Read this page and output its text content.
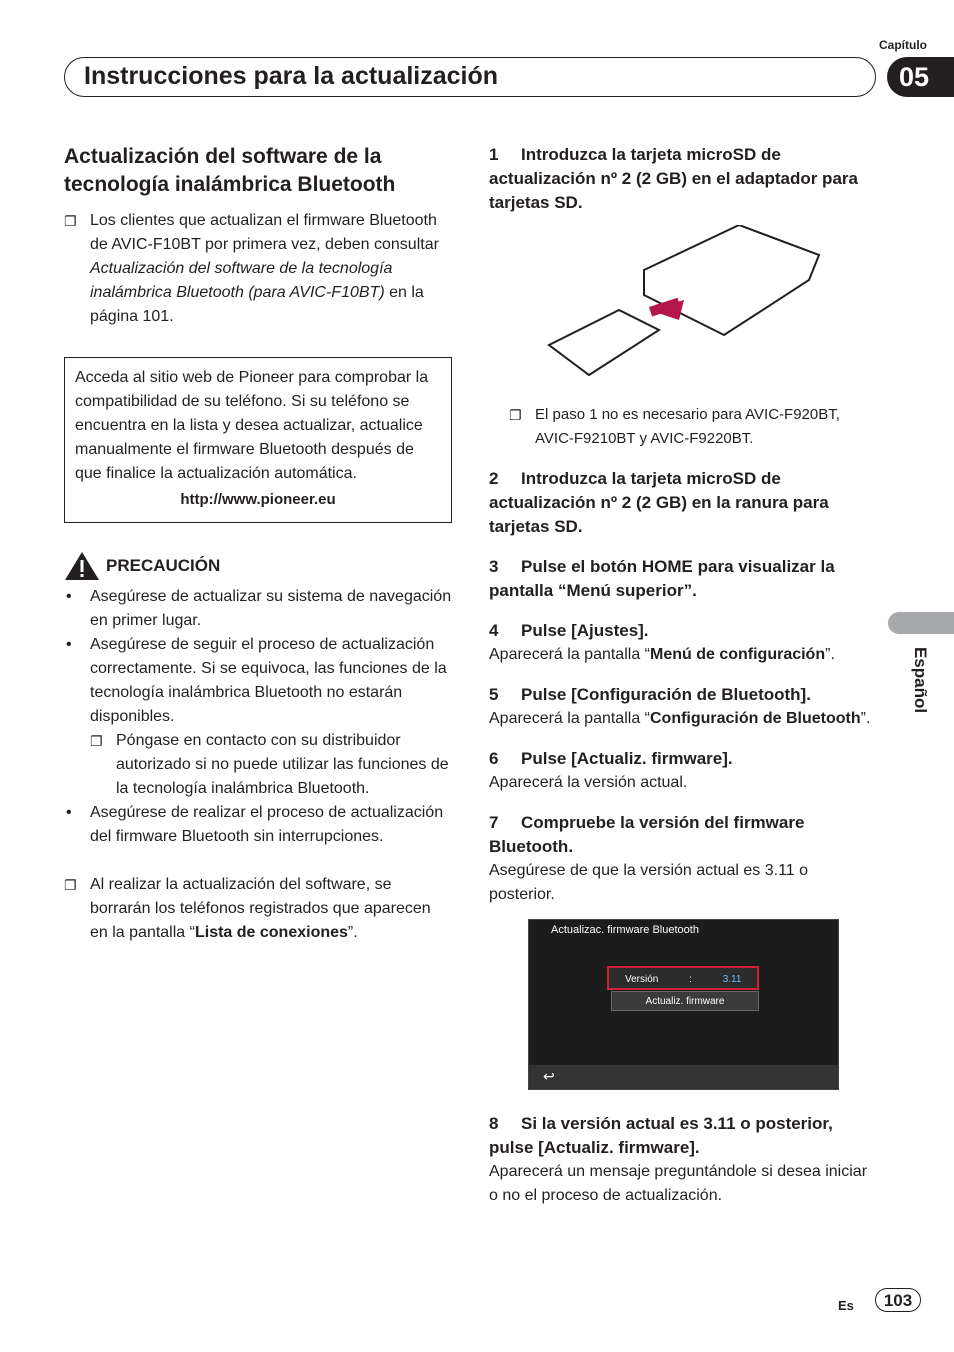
Capítulo
05
Instrucciones para la actualización
Español
Actualización del software de la tecnología inalámbrica Bluetooth
❐ Los clientes que actualizan el firmware Bluetooth de AVIC-F10BT por primera vez, deben consultar Actualización del software de la tecnología inalámbrica Bluetooth (para AVIC-F10BT) en la página 101.
Acceda al sitio web de Pioneer para comprobar la compatibilidad de su teléfono. Si su teléfono se encuentra en la lista y desea actualizar, actualice manualmente el firmware Bluetooth después de que finalice la actualización automática.
http://www.pioneer.eu
PRECAUCIÓN
• Asegúrese de actualizar su sistema de navegación en primer lugar.
• Asegúrese de seguir el proceso de actualización correctamente. Si se equivoca, las funciones de la tecnología inalámbrica Bluetooth no estarán disponibles.
❐ Póngase en contacto con su distribuidor autorizado si no puede utilizar las funciones de la tecnología inalámbrica Bluetooth.
• Asegúrese de realizar el proceso de actualización del firmware Bluetooth sin interrupciones.
❐ Al realizar la actualización del software, se borrarán los teléfonos registrados que aparecen en la pantalla “Lista de conexiones”.
1 Introduzca la tarjeta microSD de actualización nº 2 (2 GB) en el adaptador para tarjetas SD.
❐ El paso 1 no es necesario para AVIC-F920BT, AVIC-F9210BT y AVIC-F9220BT.
2 Introduzca la tarjeta microSD de actualización nº 2 (2 GB) en la ranura para tarjetas SD.
3 Pulse el botón HOME para visualizar la pantalla “Menú superior”.
4 Pulse [Ajustes].

Aparecerá la pantalla “Menú de configuración”.

5 Pulse [Configuración de Bluetooth].

Aparecerá la pantalla “Configuración de Bluetooth”.

6 Pulse [Actualiz. firmware].

Aparecerá la versión actual.

7 Compruebe la versión del firmware Bluetooth.

Asegúrese de que la versión actual es 3.11 o posterior.

Actualizac. firmware Bluetooth
Versión	:	3.11
Actualiz. firmware
↩
8 Si la versión actual es 3.11 o posterior, pulse [Actualiz. firmware].

Aparecerá un mensaje preguntándole si desea iniciar o no el proceso de actualización.

Es	103
